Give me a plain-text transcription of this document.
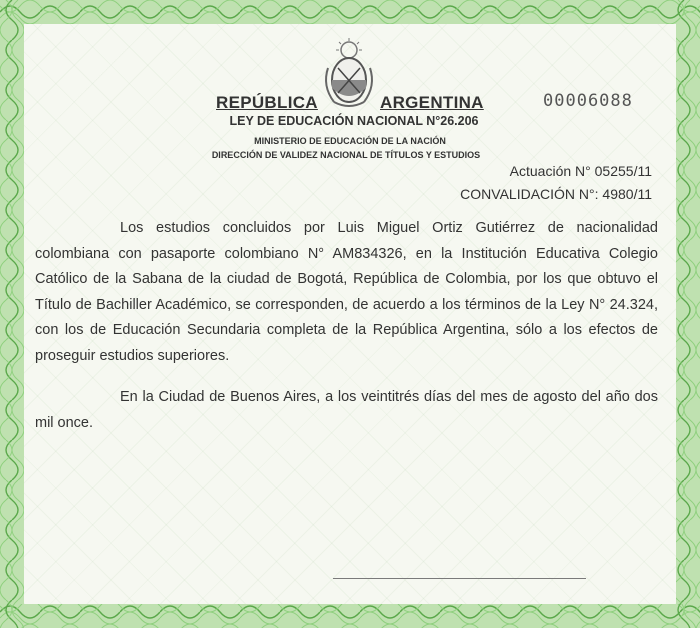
REPÚBLICA	ARGENTINA	00006088
LEY DE EDUCACIÓN NACIONAL N°26.206
MINISTERIO DE EDUCACIÓN DE LA NACIÓN
DIRECCIÓN DE VALIDEZ NACIONAL DE TÍTULOS Y ESTUDIOS
Actuación N° 05255/11
CONVALIDACIÓN N°: 4980/11
Los estudios concluidos por Luis Miguel Ortiz Gutiérrez de nacionalidad colombiana con pasaporte colombiano N° AM834326, en la Institución Educativa Colegio Católico de la Sabana de la ciudad de Bogotá, República de Colombia, por los que obtuvo el Título de Bachiller Académico, se corresponden, de acuerdo a los términos de la Ley N° 24.324, con los de Educación Secundaria completa de la República Argentina, sólo a los efectos de proseguir estudios superiores.
En la Ciudad de Buenos Aires, a los veintitrés días del mes de agosto del año dos mil once.
